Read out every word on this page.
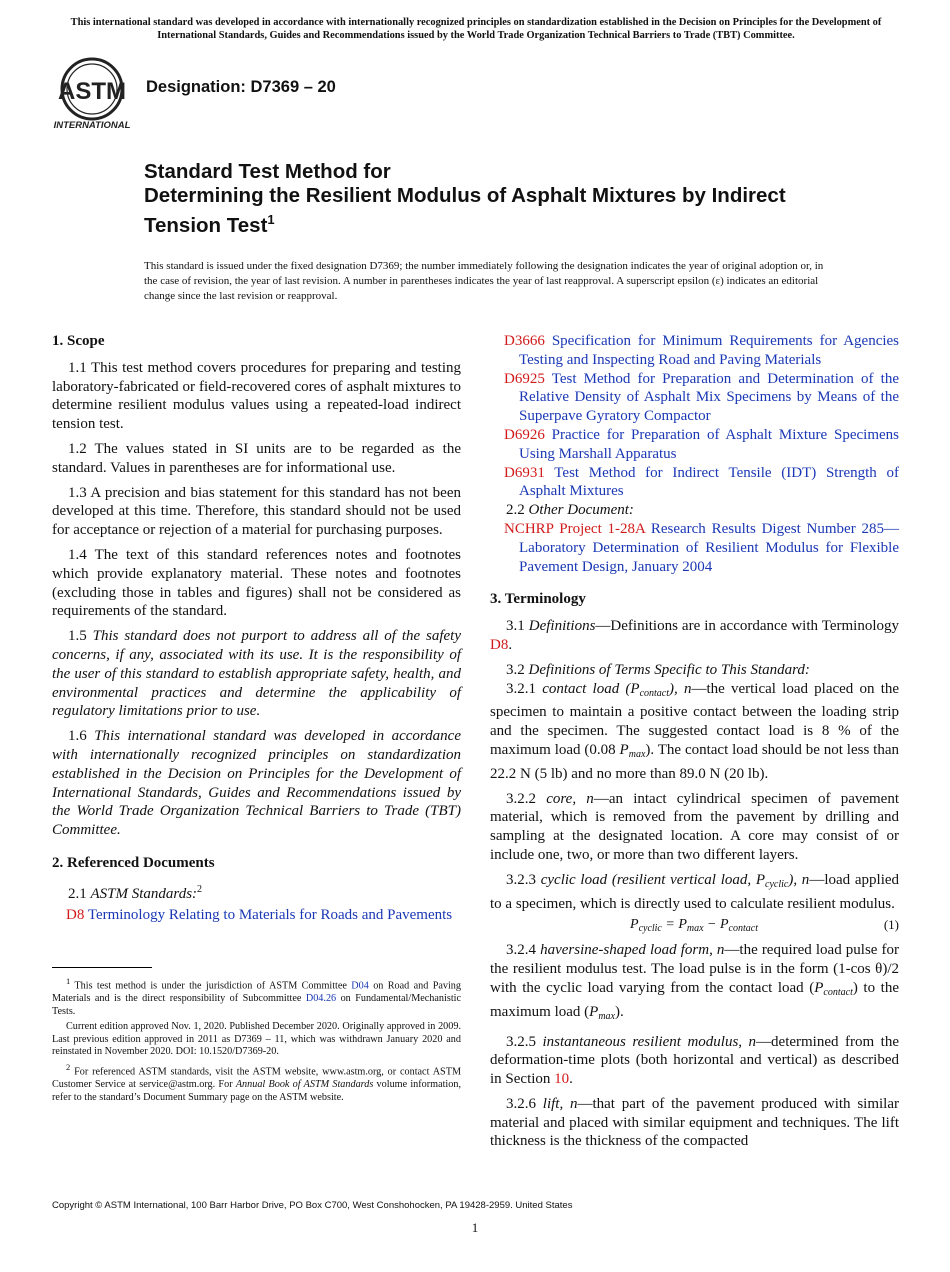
This international standard was developed in accordance with internationally recognized principles on standardization established in the Decision on Principles for the Development of International Standards, Guides and Recommendations issued by the World Trade Organization Technical Barriers to Trade (TBT) Committee.
ASTM
INTERNATIONAL
Designation: D7369 – 20
Standard Test Method for
Determining the Resilient Modulus of Asphalt Mixtures by Indirect Tension Test$^1$
This standard is issued under the fixed designation D7369; the number immediately following the designation indicates the year of original adoption or, in the case of revision, the year of last revision. A number in parentheses indicates the year of last reapproval. A superscript epsilon (ε) indicates an editorial change since the last revision or reapproval.
1. Scope
1.1 This test method covers procedures for preparing and testing laboratory-fabricated or field-recovered cores of asphalt mixtures to determine resilient modulus values using a repeated-load indirect tension test.
1.2 The values stated in SI units are to be regarded as the standard. Values in parentheses are for informational use.
1.3 A precision and bias statement for this standard has not been developed at this time. Therefore, this standard should not be used for acceptance or rejection of a material for purchasing purposes.
1.4 The text of this standard references notes and footnotes which provide explanatory material. These notes and footnotes (excluding those in tables and figures) shall not be considered as requirements of the standard.
1.5 This standard does not purport to address all of the safety concerns, if any, associated with its use. It is the responsibility of the user of this standard to establish appropriate safety, health, and environmental practices and determine the applicability of regulatory limitations prior to use.
1.6 This international standard was developed in accordance with internationally recognized principles on standardization established in the Decision on Principles for the Development of International Standards, Guides and Recommendations issued by the World Trade Organization Technical Barriers to Trade (TBT) Committee.
2. Referenced Documents
2.1 ASTM Standards:$^2$
D8 Terminology Relating to Materials for Roads and Pavements

$^1$ This test method is under the jurisdiction of ASTM Committee D04 on Road and Paving Materials and is the direct responsibility of Subcommittee D04.26 on Fundamental/Mechanistic Tests.

Current edition approved Nov. 1, 2020. Published December 2020. Originally approved in 2009. Last previous edition approved in 2011 as D7369 – 11, which was withdrawn January 2020 and reinstated in November 2020. DOI: 10.1520/D7369-20.

$^2$ For referenced ASTM standards, visit the ASTM website, www.astm.org, or contact ASTM Customer Service at service@astm.org. For Annual Book of ASTM Standards volume information, refer to the standard’s Document Summary page on the ASTM website.

D3666 Specification for Minimum Requirements for Agencies Testing and Inspecting Road and Paving Materials
D6925 Test Method for Preparation and Determination of the Relative Density of Asphalt Mix Specimens by Means of the Superpave Gyratory Compactor
D6926 Practice for Preparation of Asphalt Mixture Specimens Using Marshall Apparatus
D6931 Test Method for Indirect Tensile (IDT) Strength of Asphalt Mixtures
2.2 Other Document:
NCHRP Project 1-28A Research Results Digest Number 285—Laboratory Determination of Resilient Modulus for Flexible Pavement Design, January 2004
3. Terminology
3.1 Definitions—Definitions are in accordance with Terminology D8.
3.2 Definitions of Terms Specific to This Standard:
3.2.1 contact load $(P_{contact})$, n—the vertical load placed on the specimen to maintain a positive contact between the loading strip and the specimen. The suggested contact load is 8 % of the maximum load (0.08 $P_{max}$). The contact load should be not less than 22.2 N (5 lb) and no more than 89.0 N (20 lb).
3.2.2 core, n—an intact cylindrical specimen of pavement material, which is removed from the pavement by drilling and sampling at the designated location. A core may consist of or include one, two, or more than two different layers.
3.2.3 cyclic load (resilient vertical load, $P_{cyclic}$), n—load applied to a specimen, which is directly used to calculate resilient modulus.
$P_{cyclic} = P_{max} - P_{contact}$	(1)
3.2.4 haversine-shaped load form, n—the required load pulse for the resilient modulus test. The load pulse is in the form (1-cos θ)/2 with the cyclic load varying from the contact load $(P_{contact})$ to the maximum load $(P_{max})$.
3.2.5 instantaneous resilient modulus, n—determined from the deformation-time plots (both horizontal and vertical) as described in Section 10.
3.2.6 lift, n—that part of the pavement produced with similar material and placed with similar equipment and techniques. The lift thickness is the thickness of the compacted
Copyright © ASTM International, 100 Barr Harbor Drive, PO Box C700, West Conshohocken, PA 19428-2959. United States
1
